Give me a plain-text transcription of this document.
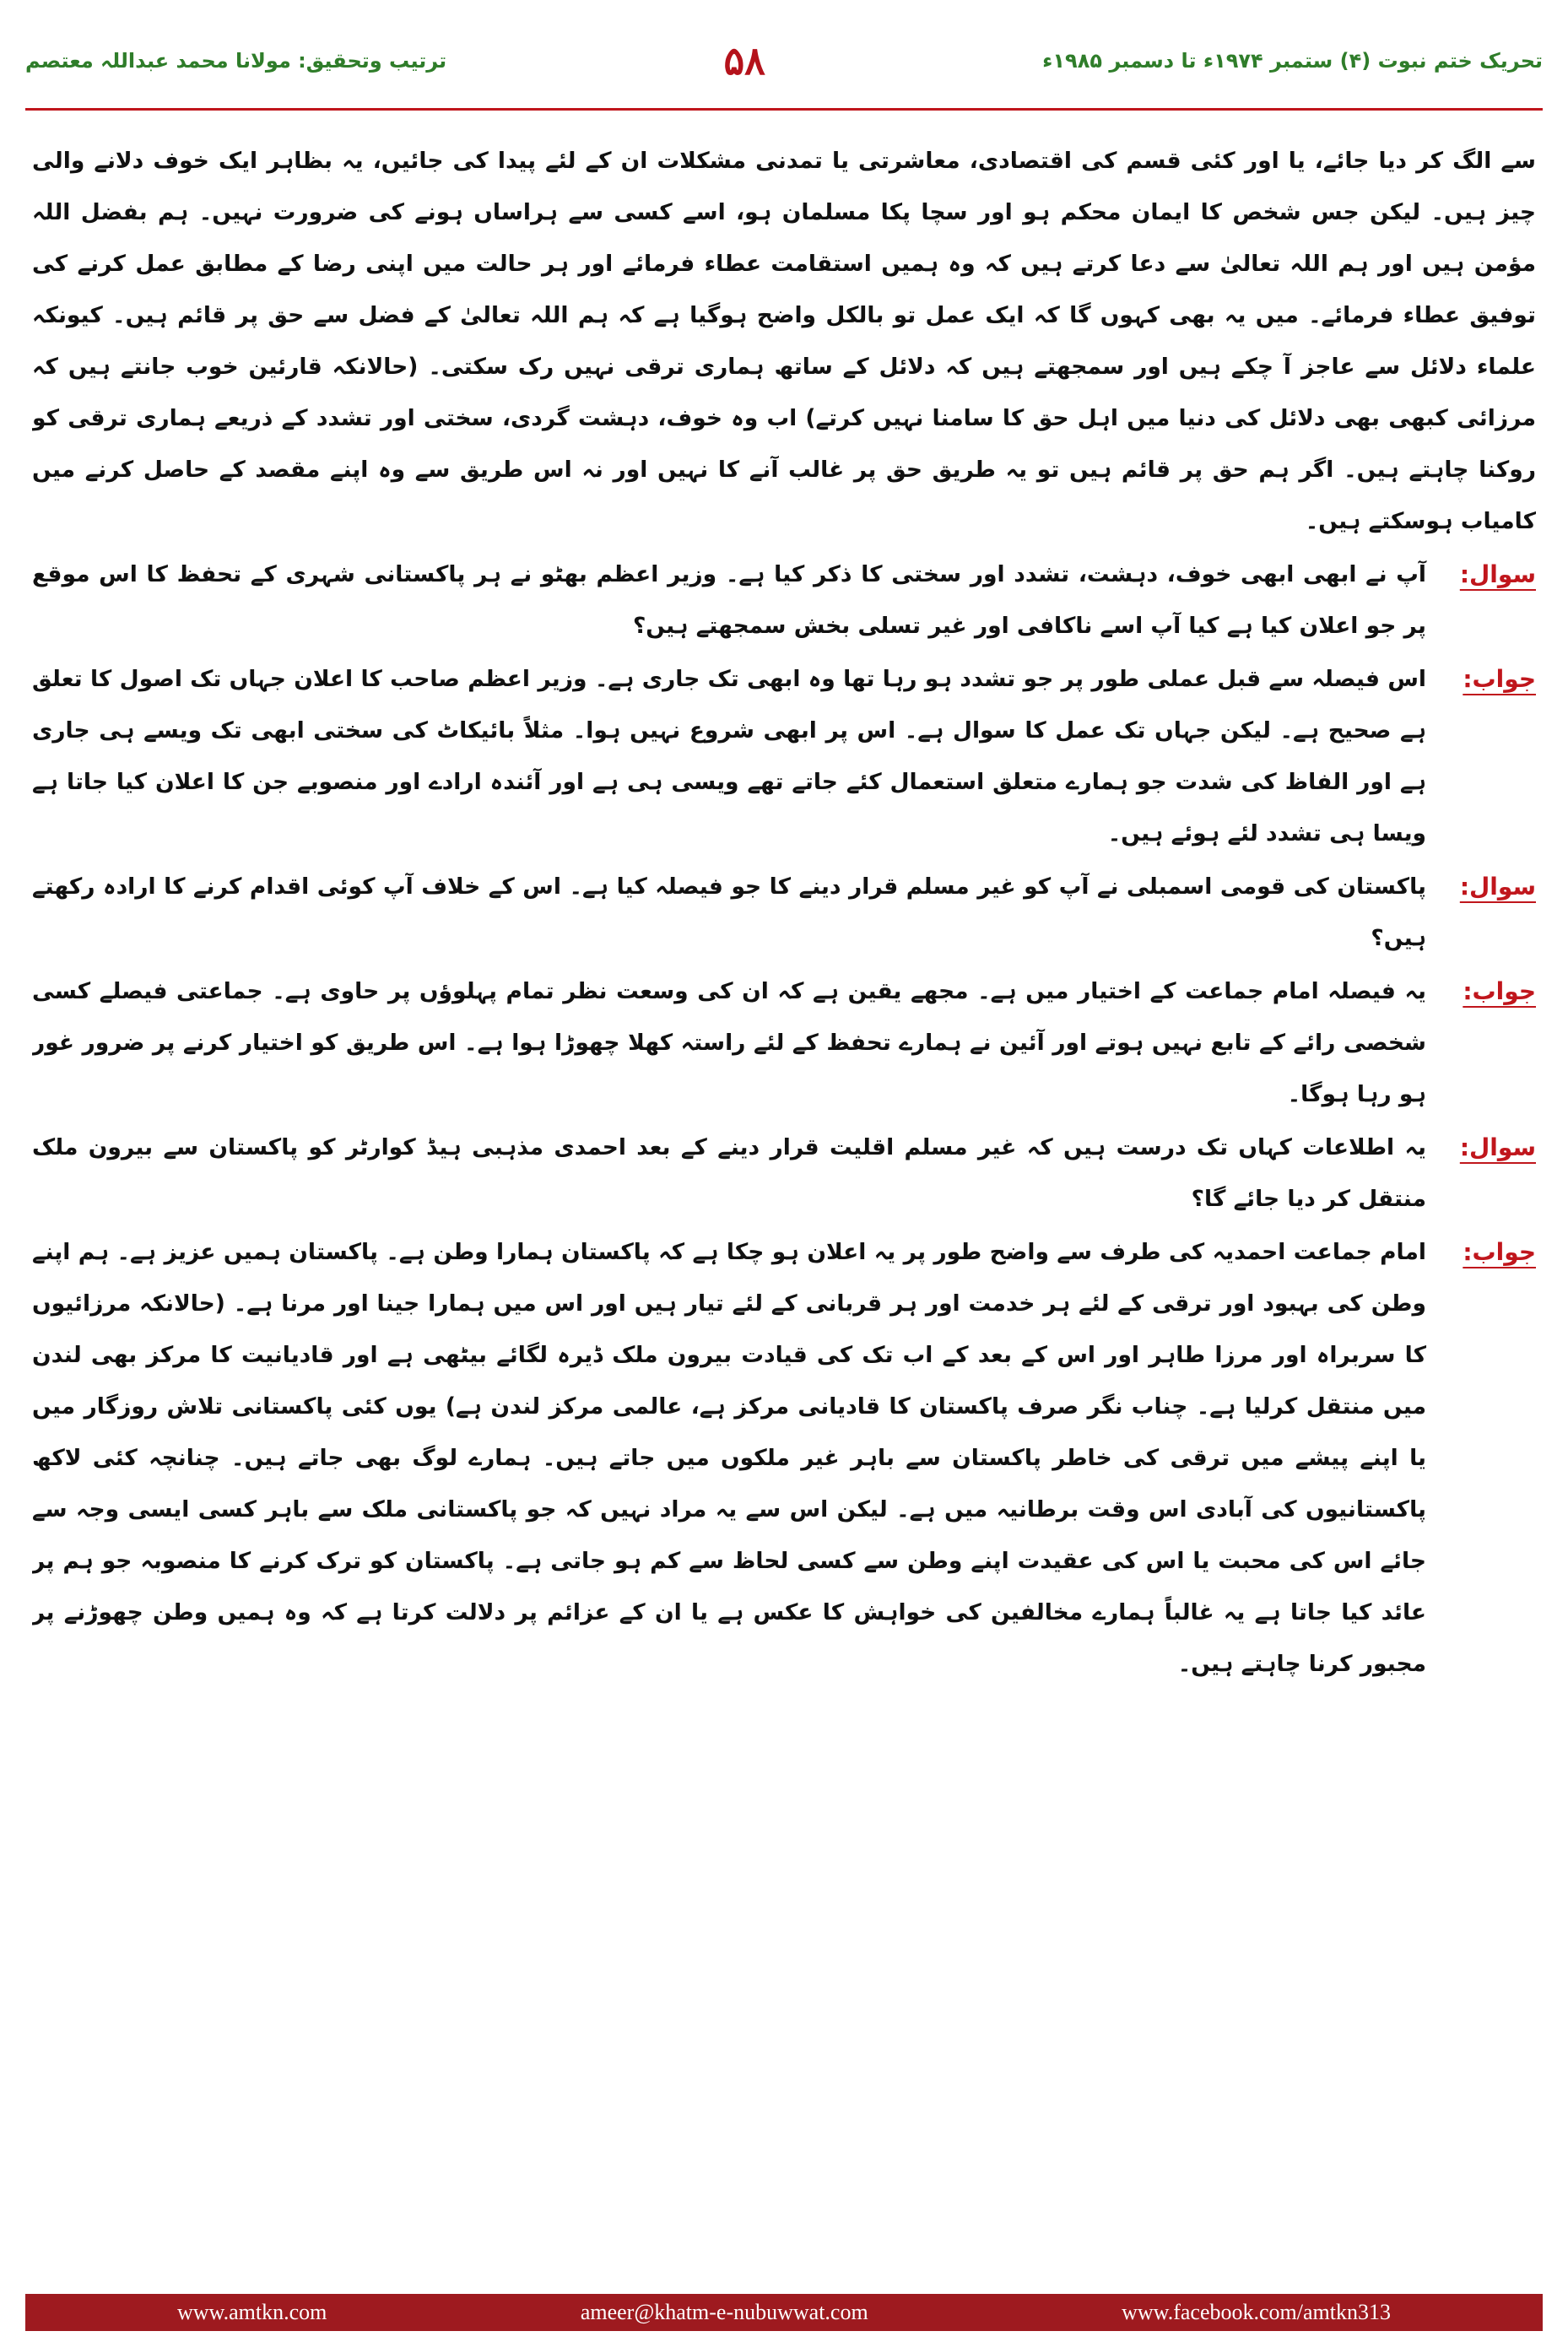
ترتیب وتحقیق: مولانا محمد عبداللہ معتصم	۵۸	تحریک ختم نبوت (۴) ستمبر ۱۹۷۴ء تا دسمبر ۱۹۸۵ء

سے الگ کر دیا جائے، یا اور کئی قسم کی اقتصادی، معاشرتی یا تمدنی مشکلات ان کے لئے پیدا کی جائیں، یہ بظاہر ایک خوف دلانے والی چیز ہیں۔ لیکن جس شخص کا ایمان محکم ہو اور سچا پکا مسلمان ہو، اسے کسی سے ہراساں ہونے کی ضرورت نہیں۔ ہم بفضل اللہ مؤمن ہیں اور ہم اللہ تعالیٰ سے دعا کرتے ہیں کہ وہ ہمیں استقامت عطاء فرمائے اور ہر حالت میں اپنی رضا کے مطابق عمل کرنے کی توفیق عطاء فرمائے۔ میں یہ بھی کہوں گا کہ ایک عمل تو بالکل واضح ہوگیا ہے کہ ہم اللہ تعالیٰ کے فضل سے حق پر قائم ہیں۔ کیونکہ علماء دلائل سے عاجز آ چکے ہیں اور سمجھتے ہیں کہ دلائل کے ساتھ ہماری ترقی نہیں رک سکتی۔ (حالانکہ قارئین خوب جانتے ہیں کہ مرزائی کبھی بھی دلائل کی دنیا میں اہل حق کا سامنا نہیں کرتے) اب وہ خوف، دہشت گردی، سختی اور تشدد کے ذریعے ہماری ترقی کو روکنا چاہتے ہیں۔ اگر ہم حق پر قائم ہیں تو یہ طریق حق پر غالب آنے کا نہیں اور نہ اس طریق سے وہ اپنے مقصد کے حاصل کرنے میں کامیاب ہوسکتے ہیں۔

سوال:
آپ نے ابھی ابھی خوف، دہشت، تشدد اور سختی کا ذکر کیا ہے۔ وزیر اعظم بھٹو نے ہر پاکستانی شہری کے تحفظ کا اس موقع پر جو اعلان کیا ہے کیا آپ اسے ناکافی اور غیر تسلی بخش سمجھتے ہیں؟
جواب:
اس فیصلہ سے قبل عملی طور پر جو تشدد ہو رہا تھا وہ ابھی تک جاری ہے۔ وزیر اعظم صاحب کا اعلان جہاں تک اصول کا تعلق ہے صحیح ہے۔ لیکن جہاں تک عمل کا سوال ہے۔ اس پر ابھی شروع نہیں ہوا۔ مثلاً بائیکاٹ کی سختی ابھی تک ویسے ہی جاری ہے اور الفاظ کی شدت جو ہمارے متعلق استعمال کئے جاتے تھے ویسی ہی ہے اور آئندہ ارادے اور منصوبے جن کا اعلان کیا جاتا ہے ویسا ہی تشدد لئے ہوئے ہیں۔
سوال:
پاکستان کی قومی اسمبلی نے آپ کو غیر مسلم قرار دینے کا جو فیصلہ کیا ہے۔ اس کے خلاف آپ کوئی اقدام کرنے کا ارادہ رکھتے ہیں؟
جواب:
یہ فیصلہ امام جماعت کے اختیار میں ہے۔ مجھے یقین ہے کہ ان کی وسعت نظر تمام پہلوؤں پر حاوی ہے۔ جماعتی فیصلے کسی شخصی رائے کے تابع نہیں ہوتے اور آئین نے ہمارے تحفظ کے لئے راستہ کھلا چھوڑا ہوا ہے۔ اس طریق کو اختیار کرنے پر ضرور غور ہو رہا ہوگا۔
سوال:
یہ اطلاعات کہاں تک درست ہیں کہ غیر مسلم اقلیت قرار دینے کے بعد احمدی مذہبی ہیڈ کوارٹر کو پاکستان سے بیرون ملک منتقل کر دیا جائے گا؟
جواب:
امام جماعت احمدیہ کی طرف سے واضح طور پر یہ اعلان ہو چکا ہے کہ پاکستان ہمارا وطن ہے۔ پاکستان ہمیں عزیز ہے۔ ہم اپنے وطن کی بہبود اور ترقی کے لئے ہر خدمت اور ہر قربانی کے لئے تیار ہیں اور اس میں ہمارا جینا اور مرنا ہے۔ (حالانکہ مرزائیوں کا سربراہ اور مرزا طاہر اور اس کے بعد کے اب تک کی قیادت بیرون ملک ڈیرہ لگائے بیٹھی ہے اور قادیانیت کا مرکز بھی لندن میں منتقل کرلیا ہے۔ چناب نگر صرف پاکستان کا قادیانی مرکز ہے، عالمی مرکز لندن ہے) یوں کئی پاکستانی تلاش روزگار میں یا اپنے پیشے میں ترقی کی خاطر پاکستان سے باہر غیر ملکوں میں جاتے ہیں۔ ہمارے لوگ بھی جاتے ہیں۔ چنانچہ کئی لاکھ پاکستانیوں کی آبادی اس وقت برطانیہ میں ہے۔ لیکن اس سے یہ مراد نہیں کہ جو پاکستانی ملک سے باہر کسی ایسی وجہ سے جائے اس کی محبت یا اس کی عقیدت اپنے وطن سے کسی لحاظ سے کم ہو جاتی ہے۔ پاکستان کو ترک کرنے کا منصوبہ جو ہم پر عائد کیا جاتا ہے یہ غالباً ہمارے مخالفین کی خواہش کا عکس ہے یا ان کے عزائم پر دلالت کرتا ہے کہ وہ ہمیں وطن چھوڑنے پر مجبور کرنا چاہتے ہیں۔
www.amtkn.com	ameer@khatm-e-nubuwwat.com	www.facebook.com/amtkn313
